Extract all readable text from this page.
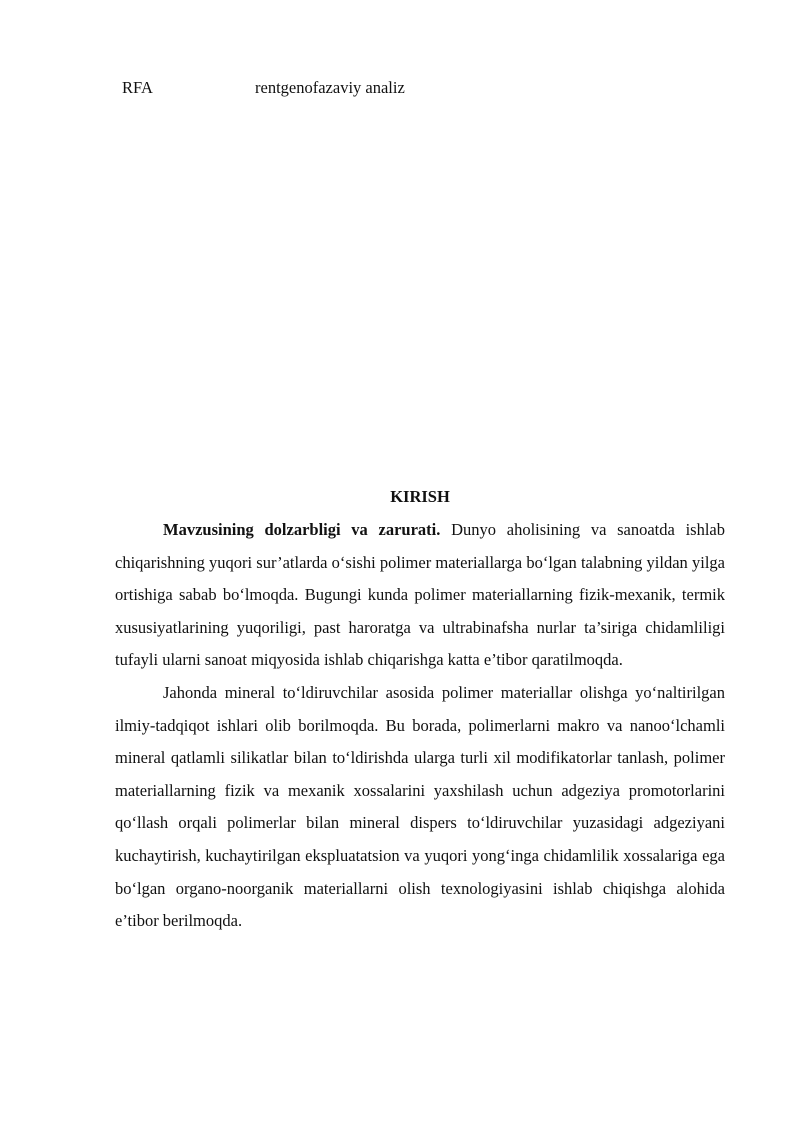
RFA	rentgenofazaviy analiz
KIRISH

Mavzusining dolzarbligi va zarurati. Dunyo aholisining va sanoatda ishlab chiqarishning yuqori sur’atlarda o‘sishi polimer materiallarga bo‘lgan talabning yildan yilga ortishiga sabab bo‘lmoqda. Bugungi kunda polimer materiallarning fizik-mexanik, termik xususiyatlarining yuqoriligi, past haroratga va ultrabinafsha nurlar ta’siriga chidamliligi tufayli ularni sanoat miqyosida ishlab chiqarishga katta e’tibor qaratilmoqda.

Jahonda mineral to‘ldiruvchilar asosida polimer materiallar olishga yo‘naltirilgan ilmiy-tadqiqot ishlari olib borilmoqda. Bu borada, polimerlarni makro va nanoo‘lchamli mineral qatlamli silikatlar bilan to‘ldirishda ularga turli xil modifikatorlar tanlash, polimer materiallarning fizik va mexanik xossalarini yaxshilash uchun adgeziya promotorlarini qo‘llash orqali polimerlar bilan mineral dispers to‘ldiruvchilar yuzasidagi adgeziyani kuchaytirish, kuchaytirilgan ekspluatatsion va yuqori yong‘inga chidamlilik xossalariga ega bo‘lgan organo-noorganik materiallarni olish texnologiyasini ishlab chiqishga alohida e’tibor berilmoqda.
